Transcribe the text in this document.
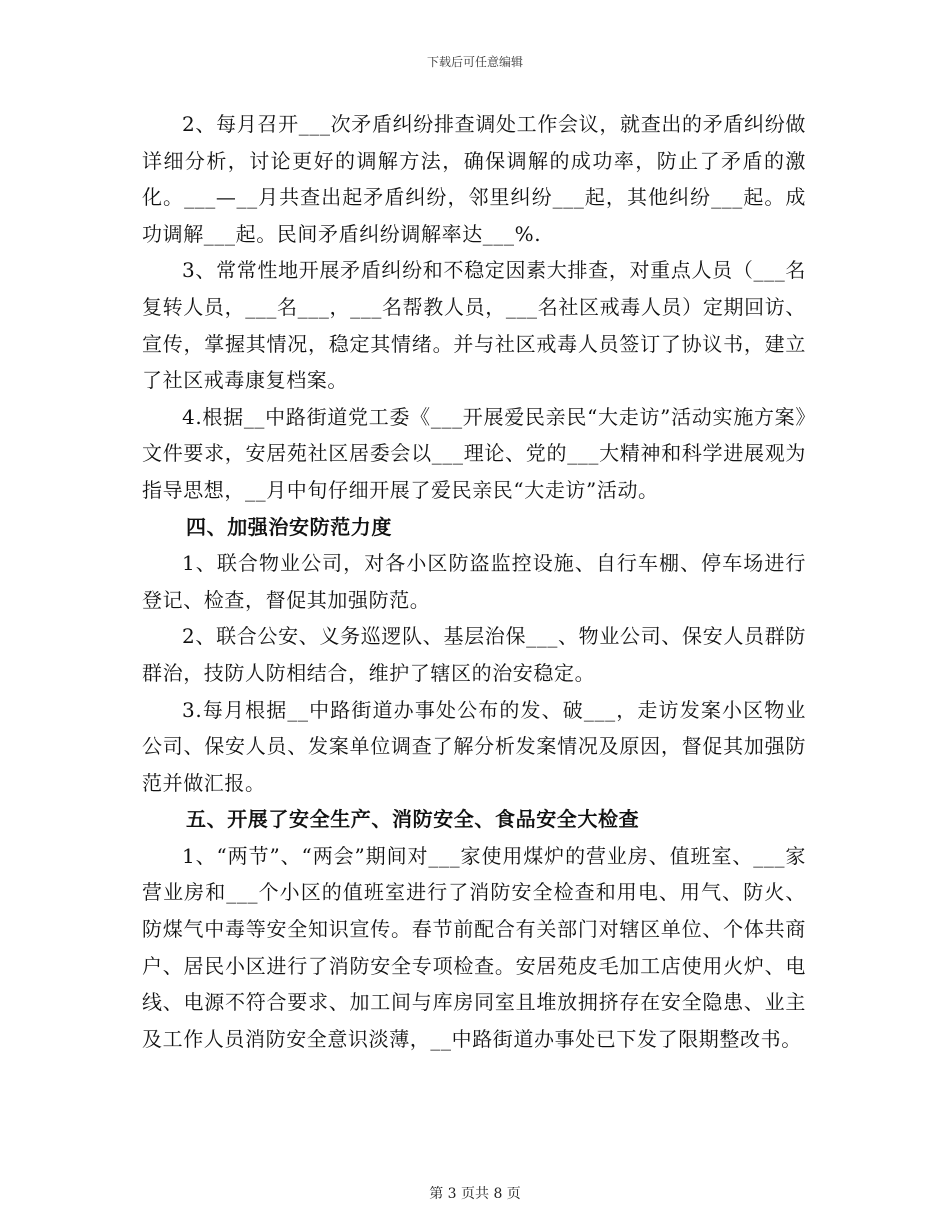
下载后可任意编辑

2、每月召开___次矛盾纠纷排查调处工作会议，就查出的矛盾纠纷做详细分析，讨论更好的调解方法，确保调解的成功率，防止了矛盾的激化。___—__月共查出起矛盾纠纷，邻里纠纷___起，其他纠纷___起。成功调解___起。民间矛盾纠纷调解率达___%.

3、常常性地开展矛盾纠纷和不稳定因素大排查，对重点人员（___名复转人员，___名___，___名帮教人员，___名社区戒毒人员）定期回访、宣传，掌握其情况，稳定其情绪。并与社区戒毒人员签订了协议书，建立了社区戒毒康复档案。

4.根据__中路街道党工委《___开展爱民亲民“大走访”活动实施方案》文件要求，安居苑社区居委会以___理论、党的___大精神和科学进展观为指导思想，__月中旬仔细开展了爱民亲民“大走访”活动。

四、加强治安防范力度

1、联合物业公司，对各小区防盗监控设施、自行车棚、停车场进行登记、检查，督促其加强防范。

2、联合公安、义务巡逻队、基层治保___、物业公司、保安人员群防群治，技防人防相结合，维护了辖区的治安稳定。

3.每月根据__中路街道办事处公布的发、破___，走访发案小区物业公司、保安人员、发案单位调查了解分析发案情况及原因，督促其加强防范并做汇报。

五、开展了安全生产、消防安全、食品安全大检查

1、“两节”、“两会”期间对___家使用煤炉的营业房、值班室、___家营业房和___个小区的值班室进行了消防安全检查和用电、用气、防火、防煤气中毒等安全知识宣传。春节前配合有关部门对辖区单位、个体共商户、居民小区进行了消防安全专项检查。安居苑皮毛加工店使用火炉、电线、电源不符合要求、加工间与库房同室且堆放拥挤存在安全隐患、业主及工作人员消防安全意识淡薄，__中路街道办事处已下发了限期整改书。

第 3 页共 8 页
